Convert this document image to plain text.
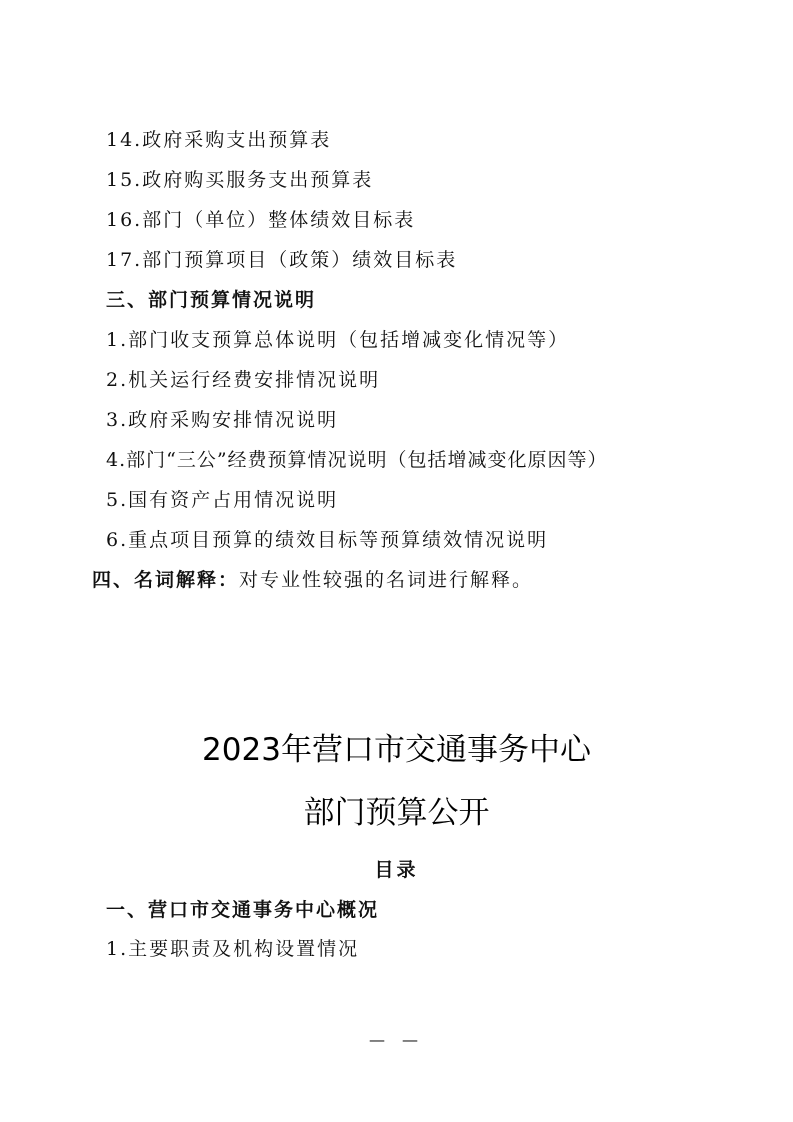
14.政府采购支出预算表
15.政府购买服务支出预算表
16.部门（单位）整体绩效目标表
17.部门预算项目（政策）绩效目标表
三、部门预算情况说明
1.部门收支预算总体说明（包括增减变化情况等）
2.机关运行经费安排情况说明
3.政府采购安排情况说明
4.部门“三公”经费预算情况说明（包括增减变化原因等）
5.国有资产占用情况说明
6.重点项目预算的绩效目标等预算绩效情况说明
四、名词解释：对专业性较强的名词进行解释。
2023年营口市交通事务中心
部门预算公开
目录
一、营口市交通事务中心概况
1.主要职责及机构设置情况
— —
